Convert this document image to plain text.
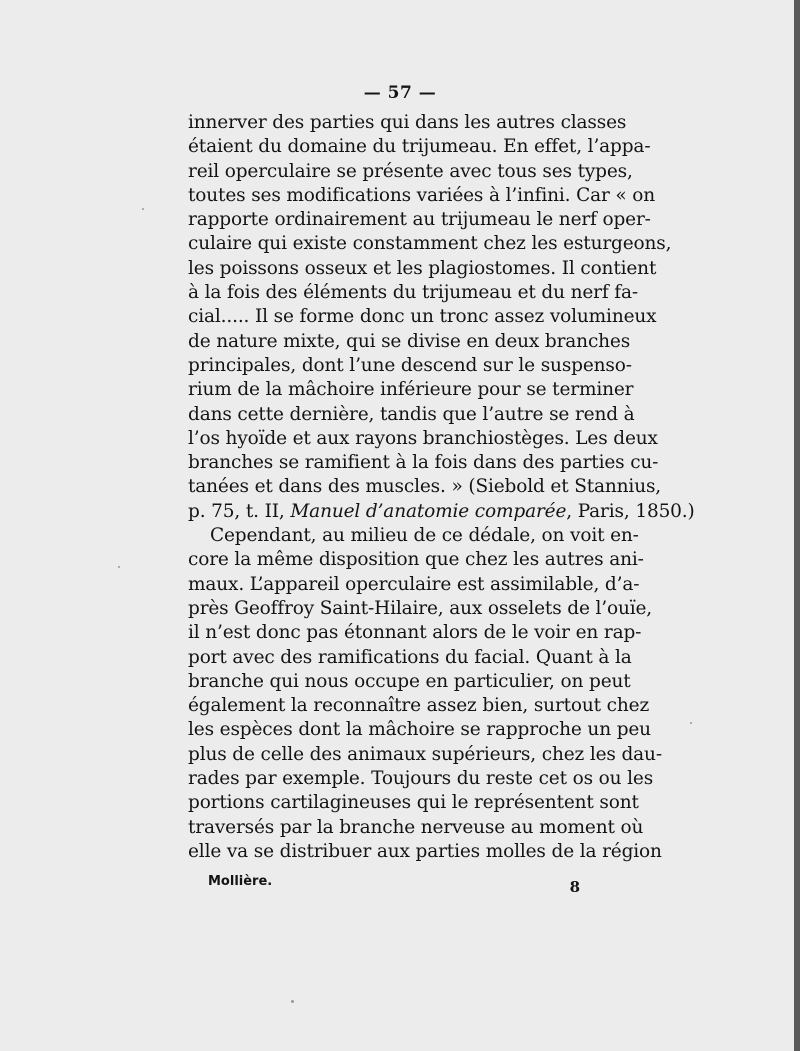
— 57 —
innerver des parties qui dans les autres classes
étaient du domaine du trijumeau. En effet, l’appa-
reil operculaire se présente avec tous ses types,
toutes ses modifications variées à l’infini. Car « on
rapporte ordinairement au trijumeau le nerf oper-
culaire qui existe constamment chez les esturgeons,
les poissons osseux et les plagiostomes. Il contient
à la fois des éléments du trijumeau et du nerf fa-
cial..... Il se forme donc un tronc assez volumineux
de nature mixte, qui se divise en deux branches
principales, dont l’une descend sur le suspenso-
rium de la mâchoire inférieure pour se terminer
dans cette dernière, tandis que l’autre se rend à
l’os hyoïde et aux rayons branchiostèges. Les deux
branches se ramifient à la fois dans des parties cu-
tanées et dans des muscles. » (Siebold et Stannius,
p. 75, t. II, Manuel d’anatomie comparée, Paris, 1850.)
Cependant, au milieu de ce dédale, on voit en-
core la même disposition que chez les autres ani-
maux. L’appareil operculaire est assimilable, d’a-
près Geoffroy Saint-Hilaire, aux osselets de l’ouïe,
il n’est donc pas étonnant alors de le voir en rap-
port avec des ramifications du facial. Quant à la
branche qui nous occupe en particulier, on peut
également la reconnaître assez bien, surtout chez
les espèces dont la mâchoire se rapproche un peu
plus de celle des animaux supérieurs, chez les dau-
rades par exemple. Toujours du reste cet os ou les
portions cartilagineuses qui le représentent sont
traversés par la branche nerveuse au moment où
elle va se distribuer aux parties molles de la région
Mollière.	8
